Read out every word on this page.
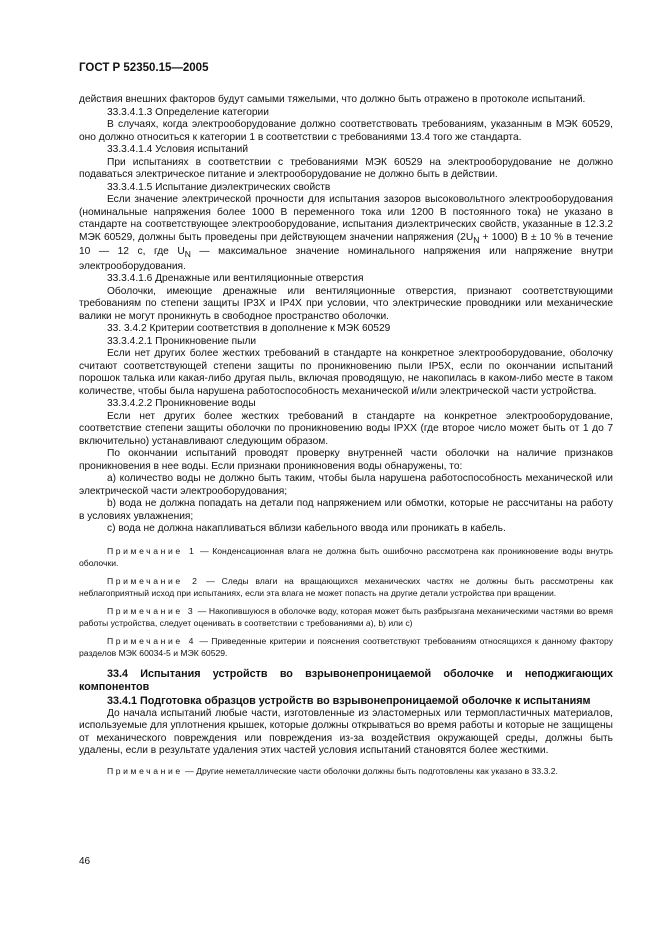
ГОСТ Р 52350.15—2005

действия внешних факторов будут самыми тяжелыми, что должно быть отражено в протоколе испытаний.

33.3.4.1.3 Определение категории

В случаях, когда электрооборудование должно соответствовать требованиям, указанным в МЭК 60529, оно должно относиться к категории 1 в соответствии с требованиями 13.4 того же стандарта.

33.3.4.1.4 Условия испытаний

При испытаниях в соответствии с требованиями МЭК 60529 на электрооборудование не должно подаваться электрическое питание и электрооборудование не должно быть в действии.

33.3.4.1.5 Испытание диэлектрических свойств

Если значение электрической прочности для испытания зазоров высоковольтного электрооборудования (номинальные напряжения более 1000 В переменного тока или 1200 В постоянного тока) не указано в стандарте на соответствующее электрооборудование, испытания диэлектрических свойств, указанные в 12.3.2 МЭК 60529, должны быть проведены при действующем значении напряжения $(2U_N + 1000) В \pm 10$ % в течение 10 — 12 с, где $U_N$ — максимальное значение номинального напряжения или напряжение внутри электрооборудования.

33.3.4.1.6 Дренажные или вентиляционные отверстия

Оболочки, имеющие дренажные или вентиляционные отверстия, признают соответствующими требованиям по степени защиты IP3X и IP4X при условии, что электрические проводники или механические валики не могут проникнуть в свободное пространство оболочки.

33. 3.4.2 Критерии соответствия в дополнение к МЭК 60529

33.3.4.2.1 Проникновение пыли

Если нет других более жестких требований в стандарте на конкретное электрооборудование, оболочку считают соответствующей степени защиты по проникновению пыли IP5X, если по окончании испытаний порошок талька или какая-либо другая пыль, включая проводящую, не накопилась в каком-либо месте в таком количестве, чтобы была нарушена работоспособность механической и/или электрической части устройства.

33.3.4.2.2 Проникновение воды

Если нет других более жестких требований в стандарте на конкретное электрооборудование, соответствие степени защиты оболочки по проникновению воды IPXX (где второе число может быть от 1 до 7 включительно) устанавливают следующим образом.

По окончании испытаний проводят проверку внутренней части оболочки на наличие признаков проникновения в нее воды. Если признаки проникновения воды обнаружены, то:

а) количество воды не должно быть таким, чтобы была нарушена работоспособность механической или электрической части электрооборудования;

b) вода не должна попадать на детали под напряжением или обмотки, которые не рассчитаны на работу в условиях увлажнения;

c) вода не должна накапливаться вблизи кабельного ввода или проникать в кабель.

Примечание 1 — Конденсационная влага не должна быть ошибочно рассмотрена как проникновение воды внутрь оболочки.

Примечание 2 — Следы влаги на вращающихся механических частях не должны быть рассмотрены как неблагоприятный исход при испытаниях, если эта влага не может попасть на другие детали устройства при вращении.

Примечание 3 — Накопившуюся в оболочке воду, которая может быть разбрызгана механическими частями во время работы устройства, следует оценивать в соответствии с требованиями а), b) или c)

Примечание 4 — Приведенные критерии и пояснения соответствуют требованиям относящихся к данному фактору разделов МЭК 60034-5 и МЭК 60529.

33.4 Испытания устройств во взрывонепроницаемой оболочке и неподжигающих компонентов

33.4.1 Подготовка образцов устройств во взрывонепроницаемой оболочке к испытаниям

До начала испытаний любые части, изготовленные из эластомерных или термопластичных материалов, используемые для уплотнения крышек, которые должны открываться во время работы и которые не защищены от механического повреждения или повреждения из-за воздействия окружающей среды, должны быть удалены, если в результате удаления этих частей условия испытаний становятся более жесткими.

Примечание — Другие неметаллические части оболочки должны быть подготовлены как указано в 33.3.2.

46
